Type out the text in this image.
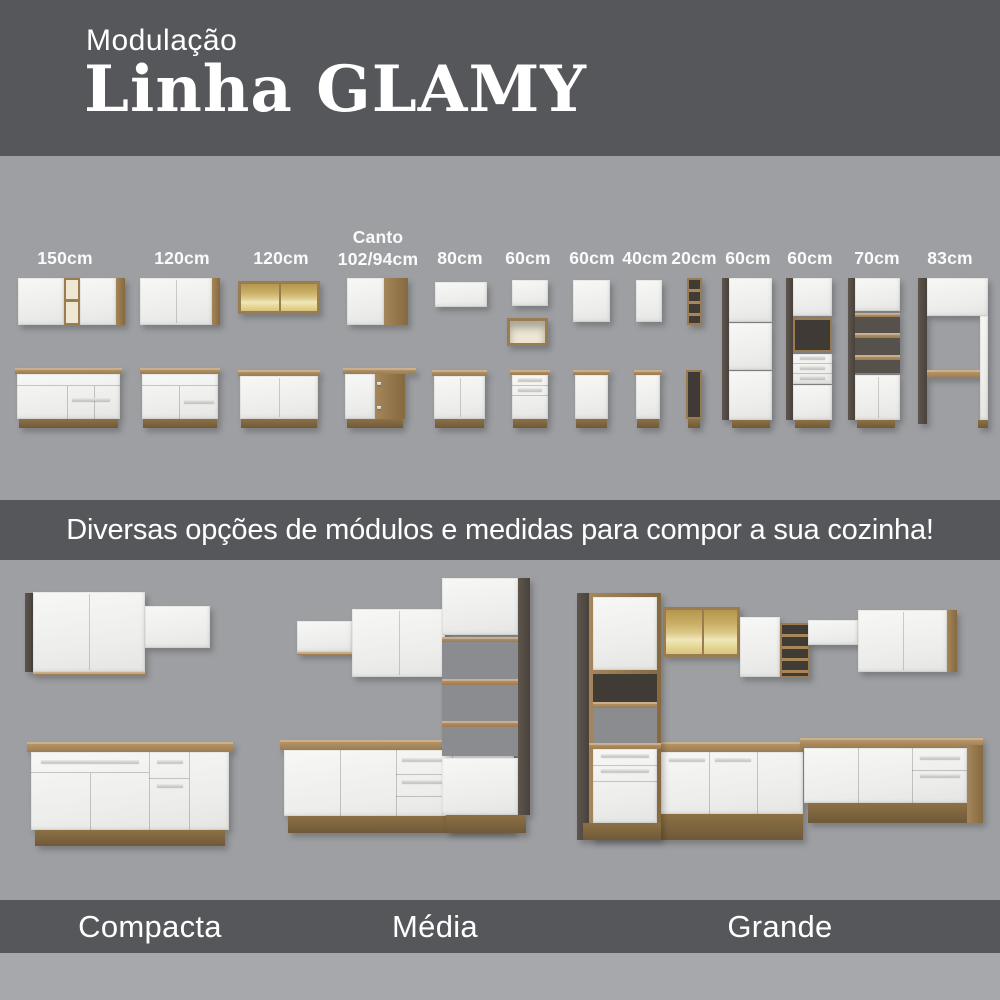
Modulação
Linha GLAMY
150cm	120cm	120cm
Canto
102/94cm	80cm	60cm	60cm 40cm 20cm 60cm 60cm	70cm	83cm
Diversas opções de módulos e medidas para compor a sua cozinha!
Compacta	Média	Grande
